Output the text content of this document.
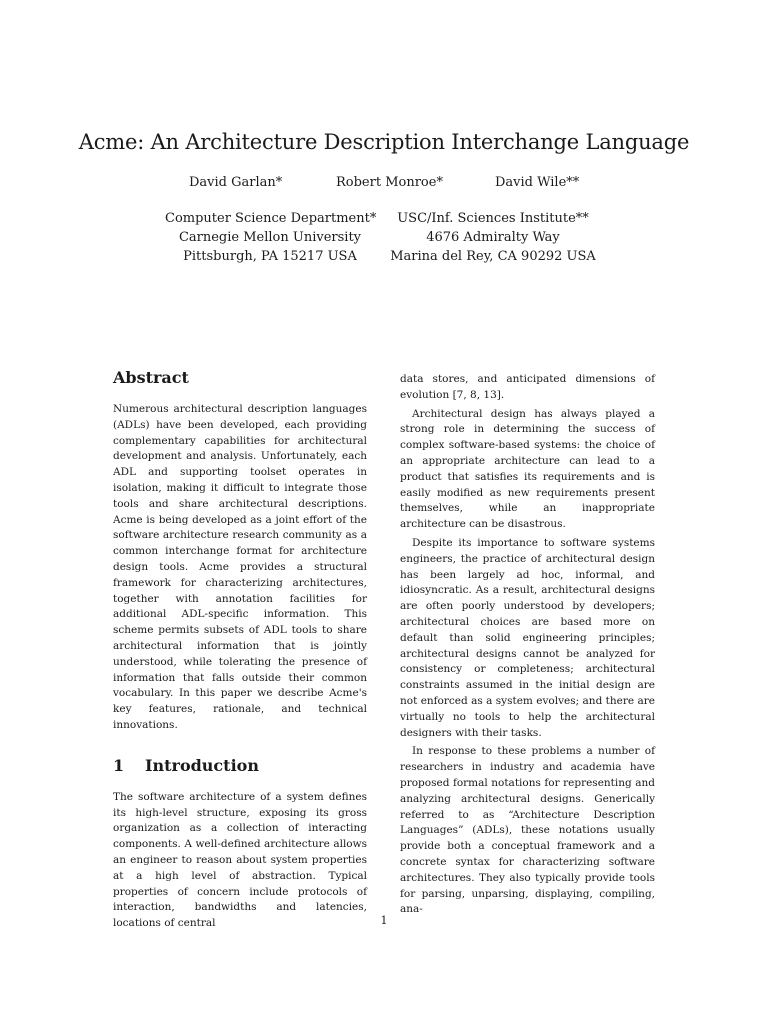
Acme: An Architecture Description Interchange Language
David Garlan*	Robert Monroe*	David Wile**
Computer Science Department*
Carnegie Mellon University
Pittsburgh, PA 15217 USA
USC/Inf. Sciences Institute**
4676 Admiralty Way
Marina del Rey, CA 90292 USA
Abstract

Numerous architectural description languages (ADLs) have been developed, each providing complementary capabilities for architectural development and analysis. Unfortunately, each ADL and supporting toolset operates in isolation, making it difficult to integrate those tools and share architectural descriptions. Acme is being developed as a joint effort of the software architecture research community as a common interchange format for architecture design tools. Acme provides a structural framework for characterizing architectures, together with annotation facilities for additional ADL-specific information. This scheme permits subsets of ADL tools to share architectural information that is jointly understood, while tolerating the presence of information that falls outside their common vocabulary. In this paper we describe Acme's key features, rationale, and technical innovations.

1 Introduction

The software architecture of a system defines its high-level structure, exposing its gross organization as a collection of interacting components. A well-defined architecture allows an engineer to reason about system properties at a high level of abstraction. Typical properties of concern include protocols of interaction, bandwidths and latencies, locations of central

data stores, and anticipated dimensions of evolution [7, 8, 13].

Architectural design has always played a strong role in determining the success of complex software-based systems: the choice of an appropriate architecture can lead to a product that satisfies its requirements and is easily modified as new requirements present themselves, while an inappropriate architecture can be disastrous.

Despite its importance to software systems engineers, the practice of architectural design has been largely ad hoc, informal, and idiosyncratic. As a result, architectural designs are often poorly understood by developers; architectural choices are based more on default than solid engineering principles; architectural designs cannot be analyzed for consistency or completeness; architectural constraints assumed in the initial design are not enforced as a system evolves; and there are virtually no tools to help the architectural designers with their tasks.

In response to these problems a number of researchers in industry and academia have proposed formal notations for representing and analyzing architectural designs. Generically referred to as “Architecture Description Languages” (ADLs), these notations usually provide both a conceptual framework and a concrete syntax for characterizing software architectures. They also typically provide tools for parsing, unparsing, displaying, compiling, ana-

1
